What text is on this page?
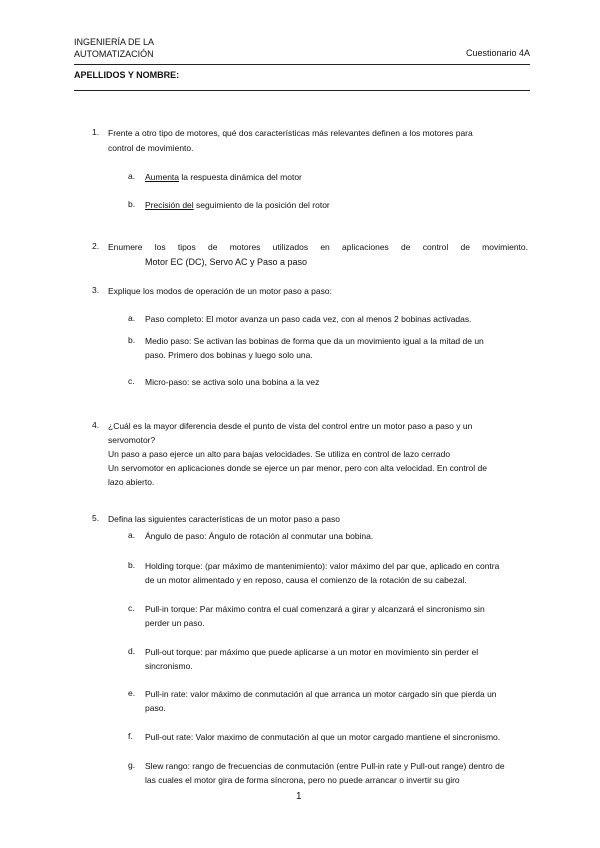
INGENIERÍA DE LA
AUTOMATIZACIÓN	Cuestionario 4A
APELLIDOS Y NOMBRE:
1.	Frente a otro tipo de motores, qué dos características más relevantes definen a los motores para
control de movimiento.
a. Aumenta la respuesta dinámica del motor
b. Precisión del seguimiento de la posición del rotor
2.	Enumere los tipos de motores utilizados en aplicaciones de control de movimiento.
Motor EC (DC), Servo AC y Paso a paso
3.	Explique los modos de operación de un motor paso a paso:
a. Paso completo: El motor avanza un paso cada vez, con al menos 2 bobinas activadas.
b. Medio paso: Se activan las bobinas de forma que da un movimiento igual a la mitad de un
paso. Primero dos bobinas y luego solo una.
c. Micro-paso: se activa solo una bobina a la vez
4.	¿Cuál es la mayor diferencia desde el punto de vista del control entre un motor paso a paso y un
servomotor?
Un paso a paso ejerce un alto para bajas velocidades. Se utiliza en control de lazo cerrado
Un servomotor en aplicaciones donde se ejerce un par menor, pero con alta velocidad. En control de
lazo abierto.
5.	Defina las siguientes características de un motor paso a paso
a. Ángulo de paso: Ángulo de rotación al conmutar una bobina.
b. Holding torque: (par máximo de mantenimiento): valor máximo del par que, aplicado en contra
de un motor alimentado y en reposo, causa el comienzo de la rotación de su cabezal.
c. Pull-in torque: Par máximo contra el cual comenzará a girar y alcanzará el sincronismo sin
perder un paso.
d. Pull-out torque: par máximo que puede aplicarse a un motor en movimiento sin perder el
sincronismo.
e. Pull-in rate: valor máximo de conmutación al que arranca un motor cargado sin que pierda un
paso.
f. Pull-out rate: Valor maximo de conmutación al que un motor cargado mantiene el sincronismo.
g. Slew rango: rango de frecuencias de conmutación (entre Pull-in rate y Pull-out range) dentro de
las cuales el motor gira de forma síncrona, pero no puede arrancar o invertir su giro
1
